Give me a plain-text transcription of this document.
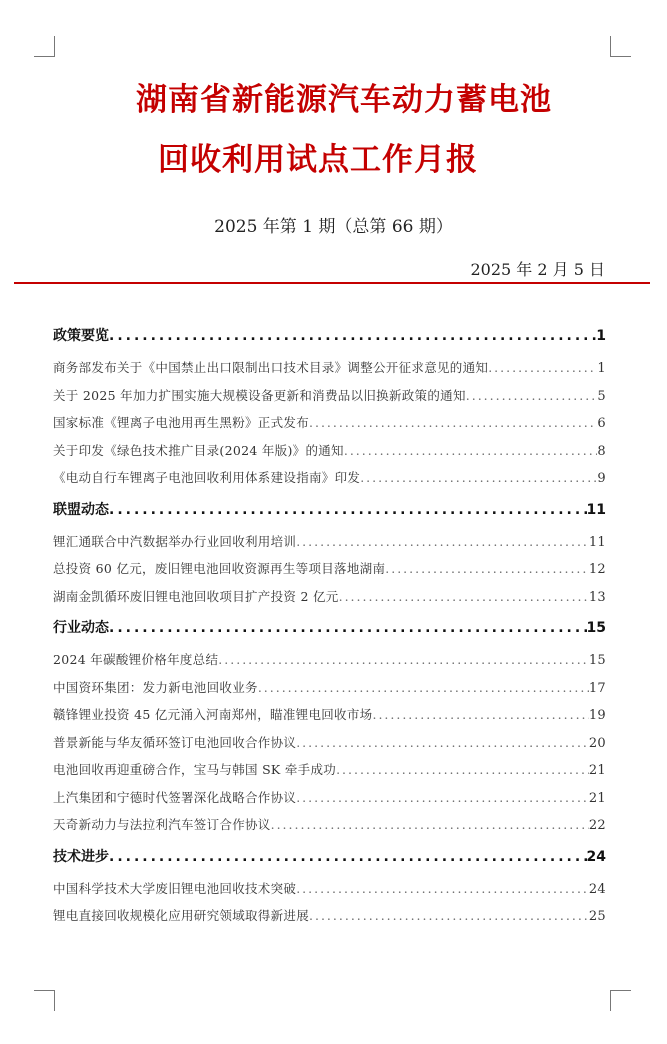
湖南省新能源汽车动力蓄电池
回收利用试点工作月报
2025 年第 1 期（总第 66 期）
2025 年 2 月 5 日
政策要览 .....	1
商务部发布关于《中国禁止出口限制出口技术目录》调整公开征求意见的通知 .....	1
关于 2025 年加力扩围实施大规模设备更新和消费品以旧换新政策的通知 .....	5
国家标准《锂离子电池用再生黑粉》正式发布 .....	6
关于印发《绿色技术推广目录(2024 年版)》的通知 .....	8
《电动自行车锂离子电池回收利用体系建设指南》印发 .....	9
联盟动态 .....	11
锂汇通联合中汽数据举办行业回收利用培训 .....	11
总投资 60 亿元，废旧锂电池回收资源再生等项目落地湖南 .....	12
湖南金凯循环废旧锂电池回收项目扩产投资 2 亿元 .....	13
行业动态 .....	15
2024 年碳酸锂价格年度总结 .....	15
中国资环集团：发力新电池回收业务 .....	17
赣锋锂业投资 45 亿元涌入河南郑州，瞄准锂电回收市场 .....	19
普景新能与华友循环签订电池回收合作协议 .....	20
电池回收再迎重磅合作，宝马与韩国 SK 牵手成功 .....	21
上汽集团和宁德时代签署深化战略合作协议 .....	21
天奇新动力与法拉利汽车签订合作协议 .....	22
技术进步 .....	24
中国科学技术大学废旧锂电池回收技术突破 .....	24
锂电直接回收规模化应用研究领域取得新进展 .....	25
